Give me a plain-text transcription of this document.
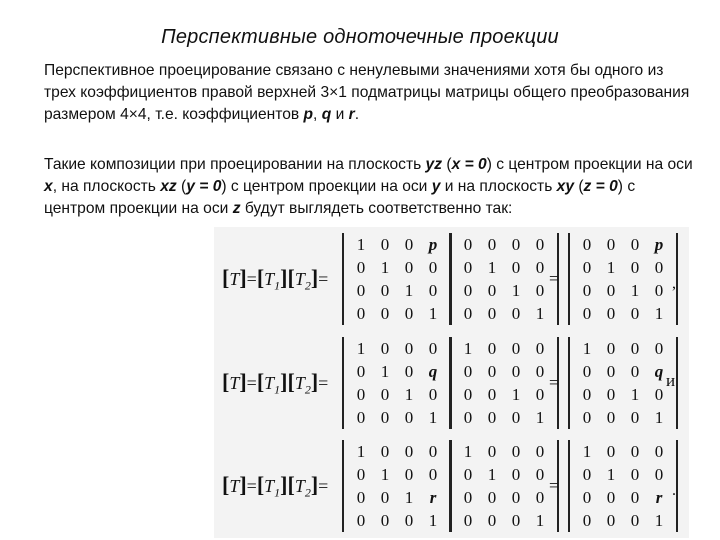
Перспективные одноточечные проекции

Перспективное проецирование связано с ненулевыми значениями хотя бы одного из трех коэффициентов правой верхней 3×1 подматрицы матрицы общего преобразования размером 4×4, т.е. коэффициентов p, q и r.

Такие композиции при проецировании на плоскость yz (x = 0) с центром проекции на оси x, на плоскость xz (y = 0) с центром проекции на оси y и на плоскость xy (z = 0) с центром проекции на оси z будут выглядеть соответственно так:

$[T]=[T_1][T_2]=$
1 0 0 p
0 1 0 0
0 0 1 0
0 0 0 1
0 0 0 0
0 1 0 0
0 0 1 0
0 0 0 1
=
0 0 0 p
0 1 0 0
0 0 1 0
0 0 0 1
,
$[T]=[T_1][T_2]=$
1 0 0 0
0 1 0 q
0 0 1 0
0 0 0 1
1 0 0 0
0 0 0 0
0 0 1 0
0 0 0 1
=
1 0 0 0
0 0 0 q
0 0 1 0
0 0 0 1
и
$[T]=[T_1][T_2]=$
1 0 0 0
0 1 0 0
0 0 1 r
0 0 0 1
1 0 0 0
0 1 0 0
0 0 0 0
0 0 0 1
=
1 0 0 0
0 1 0 0
0 0 0 r
0 0 0 1
.
